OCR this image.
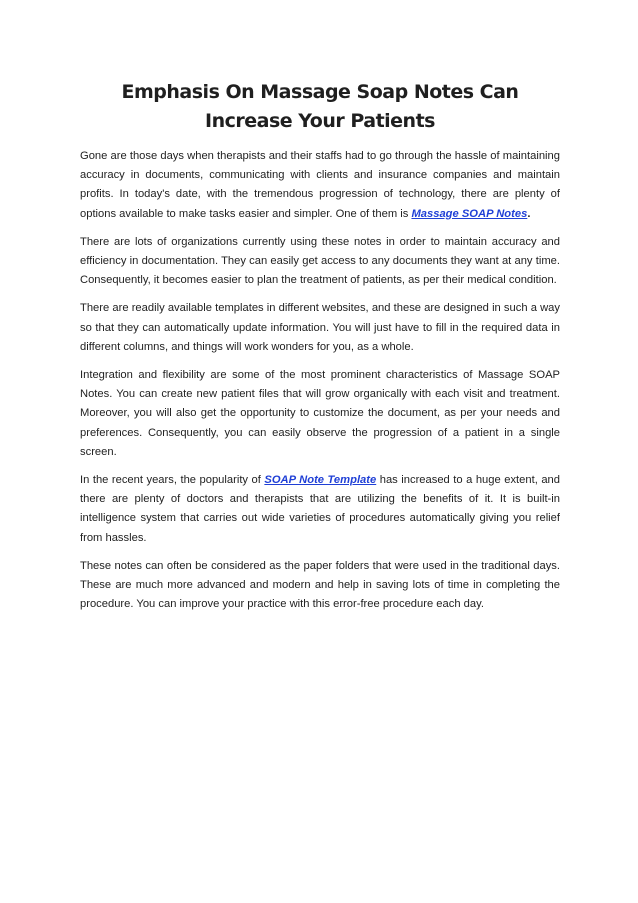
Emphasis On Massage Soap Notes Can Increase Your Patients

Gone are those days when therapists and their staffs had to go through the hassle of maintaining accuracy in documents, communicating with clients and insurance companies and maintain profits. In today's date, with the tremendous progression of technology, there are plenty of options available to make tasks easier and simpler. One of them is Massage SOAP Notes.

There are lots of organizations currently using these notes in order to maintain accuracy and efficiency in documentation. They can easily get access to any documents they want at any time. Consequently, it becomes easier to plan the treatment of patients, as per their medical condition.

There are readily available templates in different websites, and these are designed in such a way so that they can automatically update information. You will just have to fill in the required data in different columns, and things will work wonders for you, as a whole.

Integration and flexibility are some of the most prominent characteristics of Massage SOAP Notes. You can create new patient files that will grow organically with each visit and treatment. Moreover, you will also get the opportunity to customize the document, as per your needs and preferences. Consequently, you can easily observe the progression of a patient in a single screen.

In the recent years, the popularity of SOAP Note Template has increased to a huge extent, and there are plenty of doctors and therapists that are utilizing the benefits of it. It is built-in intelligence system that carries out wide varieties of procedures automatically giving you relief from hassles.

These notes can often be considered as the paper folders that were used in the traditional days. These are much more advanced and modern and help in saving lots of time in completing the procedure. You can improve your practice with this error-free procedure each day.
